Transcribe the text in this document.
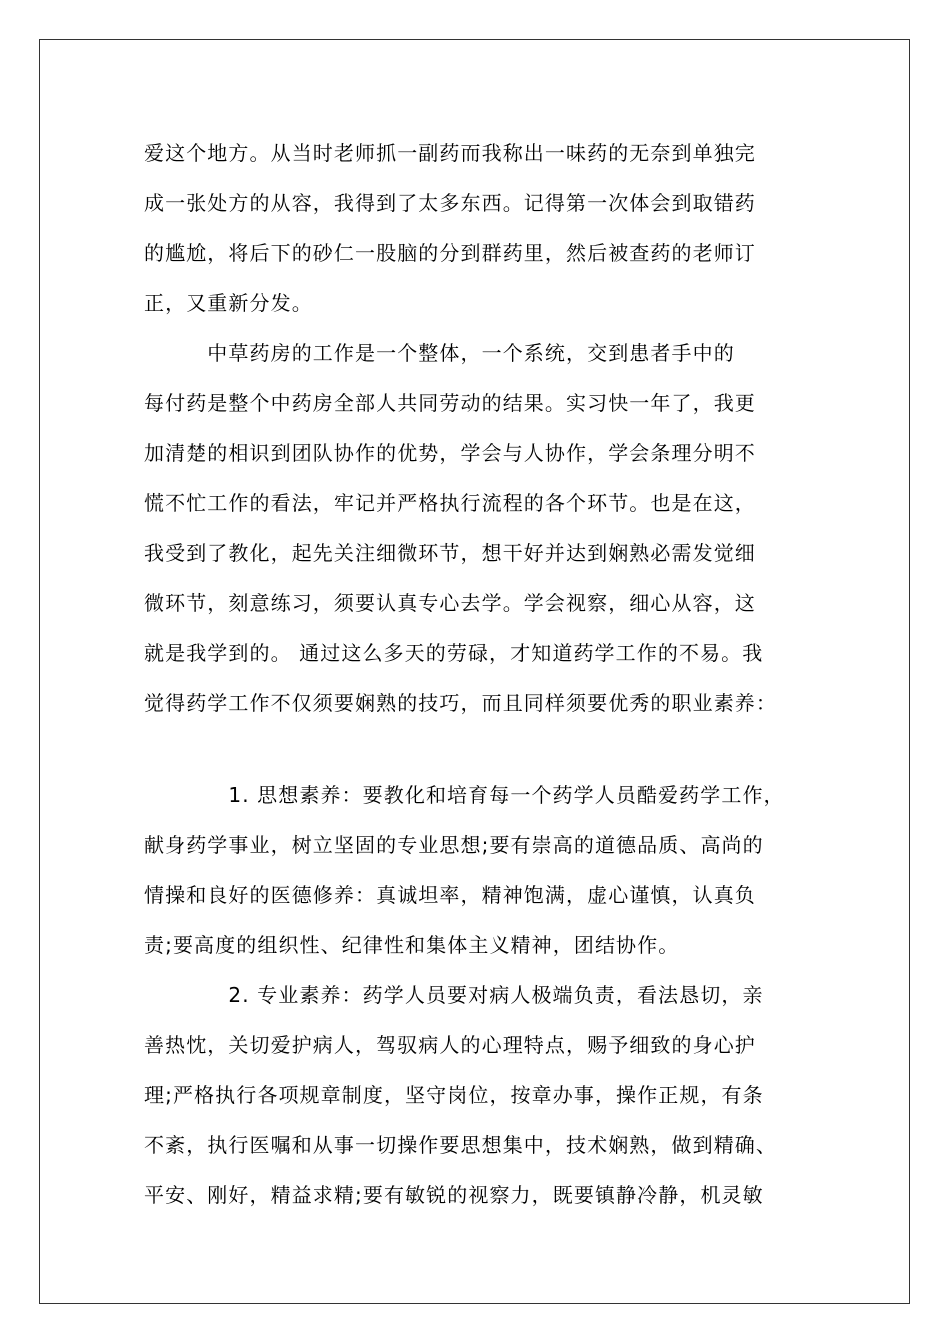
爱这个地方。从当时老师抓一副药而我称出一味药的无奈到单独完
成一张处方的从容，我得到了太多东西。记得第一次体会到取错药
的尴尬，将后下的砂仁一股脑的分到群药里，然后被查药的老师订
正，又重新分发。
　　　中草药房的工作是一个整体，一个系统，交到患者手中的
每付药是整个中药房全部人共同劳动的结果。实习快一年了，我更
加清楚的相识到团队协作的优势，学会与人协作，学会条理分明不
慌不忙工作的看法，牢记并严格执行流程的各个环节。也是在这，
我受到了教化，起先关注细微环节，想干好并达到娴熟必需发觉细
微环节，刻意练习，须要认真专心去学。学会视察，细心从容，这
就是我学到的。 通过这么多天的劳碌，才知道药学工作的不易。我
觉得药学工作不仅须要娴熟的技巧，而且同样须要优秀的职业素养：
　　　　1. 思想素养：要教化和培育每一个药学人员酷爱药学工作，
献身药学事业，树立坚固的专业思想;要有崇高的道德品质、高尚的
情操和良好的医德修养：真诚坦率，精神饱满，虚心谨慎，认真负
责;要高度的组织性、纪律性和集体主义精神，团结协作。
　　　　2. 专业素养：药学人员要对病人极端负责，看法恳切，亲
善热忱，关切爱护病人，驾驭病人的心理特点，赐予细致的身心护
理;严格执行各项规章制度，坚守岗位，按章办事，操作正规，有条
不紊，执行医嘱和从事一切操作要思想集中，技术娴熟，做到精确、
平安、刚好，精益求精;要有敏锐的视察力，既要镇静冷静，机灵敏
